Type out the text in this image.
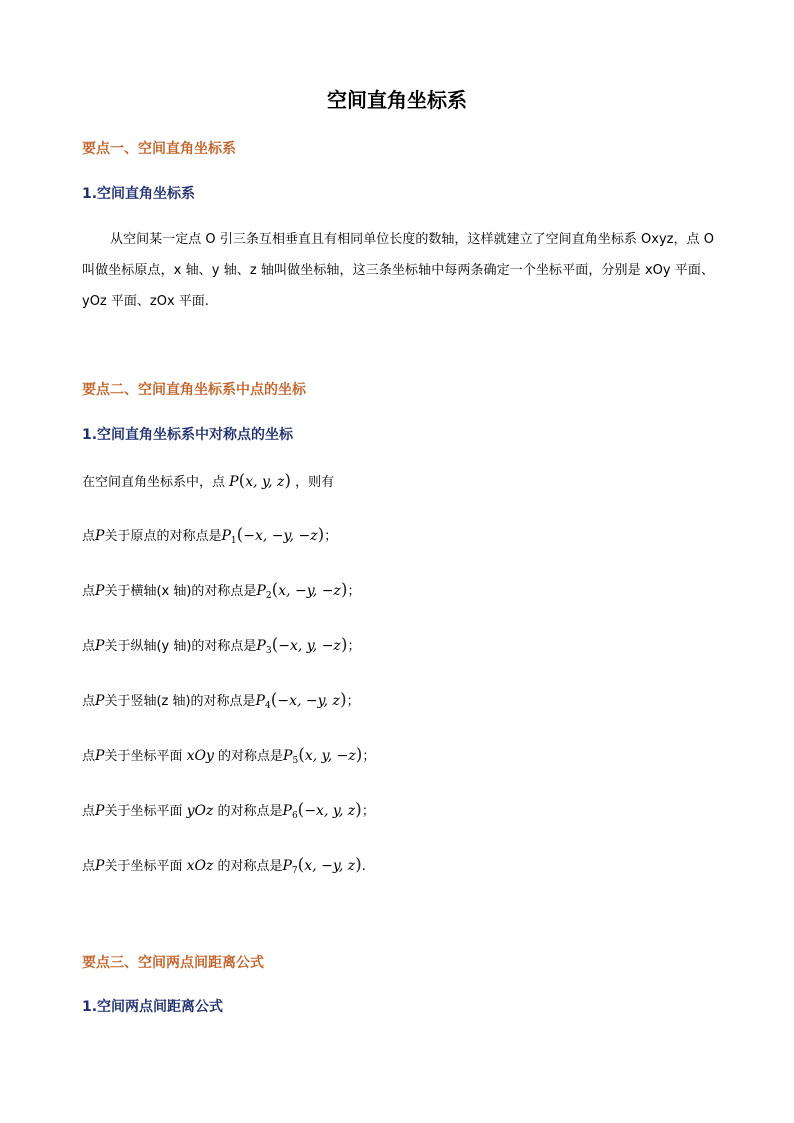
空间直角坐标系
要点一、空间直角坐标系
1.空间直角坐标系
从空间某一定点 O 引三条互相垂直且有相同单位长度的数轴，这样就建立了空间直角坐标系 Oxyz，点 O 叫做坐标原点，x 轴、y 轴、z 轴叫做坐标轴，这三条坐标轴中每两条确定一个坐标平面，分别是 xOy 平面、yOz 平面、zOx 平面.
要点二、空间直角坐标系中点的坐标
1.空间直角坐标系中对称点的坐标
在空间直角坐标系中，点 P(x, y, z) ，则有
点P关于原点的对称点是$P_1(-x$, −y, −z)；
点P关于横轴(x 轴)的对称点是$P_2(x$, −y, −z)；
点P关于纵轴(y 轴)的对称点是$P_3(-x$, y, −z)；
点P关于竖轴(z 轴)的对称点是$P_4(-x$, −y, z)；
点P关于坐标平面 xOy 的对称点是$P_5(x$, y, −z)；
点P关于坐标平面 yOz 的对称点是$P_6(-x$, y, z)；
点P关于坐标平面 xOz 的对称点是$P_7(x$, −y, z).
要点三、空间两点间距离公式
1.空间两点间距离公式
